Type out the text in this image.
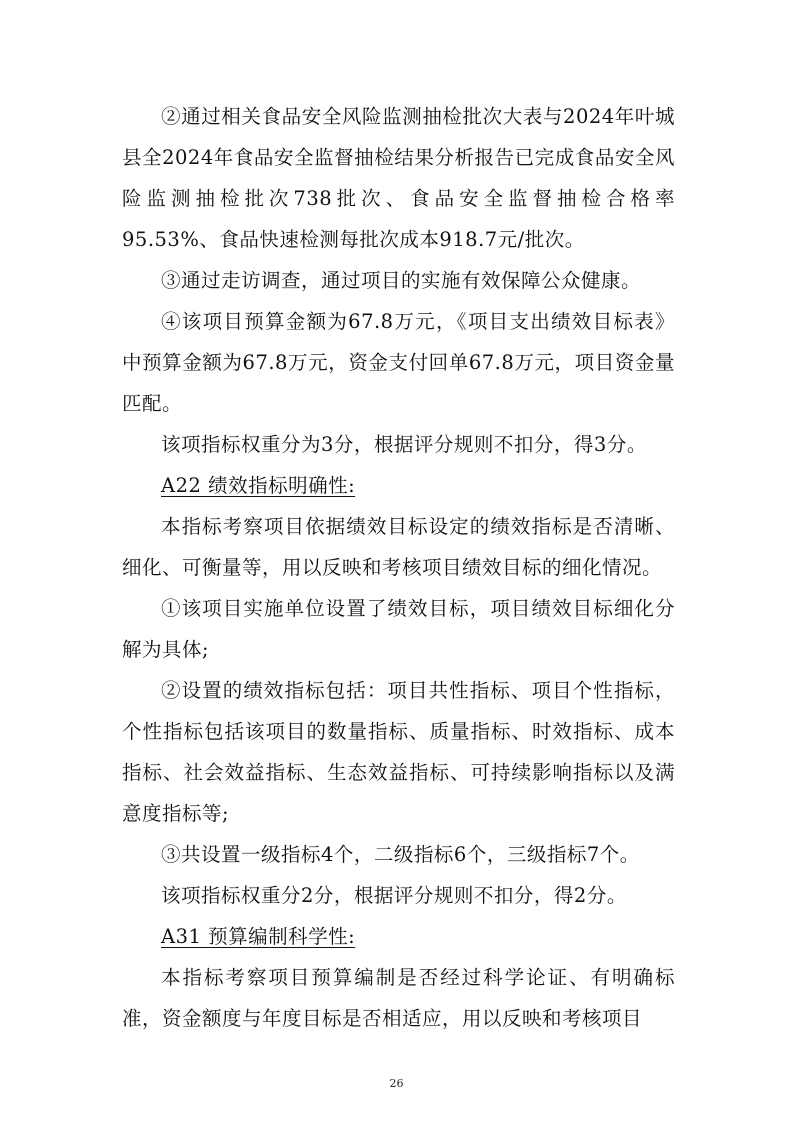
②通过相关食品安全风险监测抽检批次大表与2024年叶城县全2024年食品安全监督抽检结果分析报告已完成食品安全风险监测抽检批次738批次、食品安全监督抽检合格率95.53%、食品快速检测每批次成本918.7元/批次。

③通过走访调查，通过项目的实施有效保障公众健康。

④该项目预算金额为67.8万元，《项目支出绩效目标表》中预算金额为67.8万元，资金支付回单67.8万元，项目资金量匹配。

该项指标权重分为3分，根据评分规则不扣分，得3分。

A22 绩效指标明确性:

本指标考察项目依据绩效目标设定的绩效指标是否清晰、细化、可衡量等，用以反映和考核项目绩效目标的细化情况。

①该项目实施单位设置了绩效目标，项目绩效目标细化分解为具体;

②设置的绩效指标包括：项目共性指标、项目个性指标，个性指标包括该项目的数量指标、质量指标、时效指标、成本指标、社会效益指标、生态效益指标、可持续影响指标以及满意度指标等;

③共设置一级指标4个，二级指标6个，三级指标7个。

该项指标权重分2分，根据评分规则不扣分，得2分。

A31 预算编制科学性:

本指标考察项目预算编制是否经过科学论证、有明确标准，资金额度与年度目标是否相适应，用以反映和考核项目

26
